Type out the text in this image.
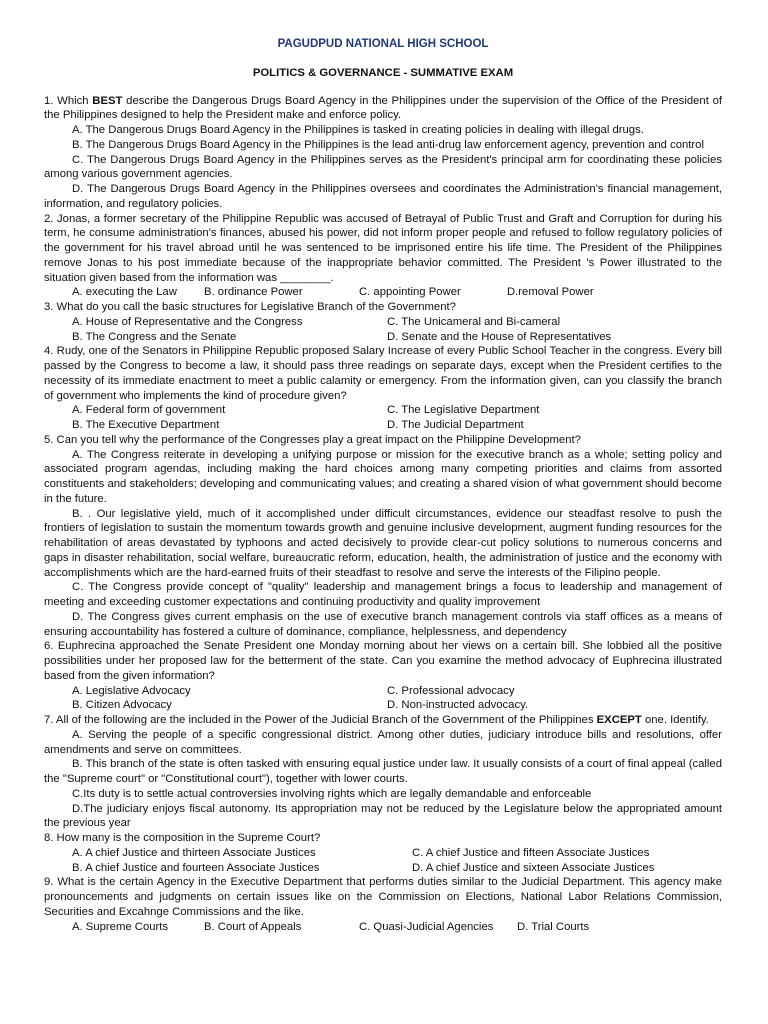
PAGUDPUD NATIONAL HIGH SCHOOL

POLITICS & GOVERNANCE - SUMMATIVE EXAM

1. Which BEST describe the Dangerous Drugs Board Agency in the Philippines under the supervision of the Office of the President of the Philippines designed to help the President make and enforce policy.

A. The Dangerous Drugs Board Agency in the Philippines is tasked in creating policies in dealing with illegal drugs.

B. The Dangerous Drugs Board Agency in the Philippines is the lead anti-drug law enforcement agency, prevention and control

C. The Dangerous Drugs Board Agency in the Philippines serves as the President's principal arm for coordinating these policies among various government agencies.

D. The Dangerous Drugs Board Agency in the Philippines oversees and coordinates the Administration's financial management, information, and regulatory policies.

2. Jonas, a former secretary of the Philippine Republic was accused of Betrayal of Public Trust and Graft and Corruption for during his term, he consume administration's finances, abused his power, did not inform proper people and refused to follow regulatory policies of the government for his travel abroad until he was sentenced to be imprisoned entire his life time. The President of the Philippines remove Jonas to his post immediate because of the inappropriate behavior committed. The President 's Power illustrated to the situation given based from the information was ________.

A. executing the Law	B. ordinance Power	C. appointing Power	D.removal Power

3. What do you call the basic structures for Legislative Branch of the Government?

A. House of Representative and the Congress	C. The Unicameral and Bi-cameral
B. The Congress and the Senate	D. Senate and the House of Representatives

4. Rudy, one of the Senators in Philippine Republic proposed Salary Increase of every Public School Teacher in the congress. Every bill passed by the Congress to become a law, it should pass three readings on separate days, except when the President certifies to the necessity of its immediate enactment to meet a public calamity or emergency. From the information given, can you classify the branch of government who implements the kind of procedure given?

A. Federal form of government	C. The Legislative Department
B. The Executive Department	D. The Judicial Department

5. Can you tell why the performance of the Congresses play a great impact on the Philippine Development?

A. The Congress reiterate in developing a unifying purpose or mission for the executive branch as a whole; setting policy and associated program agendas, including making the hard choices among many competing priorities and claims from assorted constituents and stakeholders; developing and communicating values; and creating a shared vision of what government should become in the future.

B. . Our legislative yield, much of it accomplished under difficult circumstances, evidence our steadfast resolve to push the frontiers of legislation to sustain the momentum towards growth and genuine inclusive development, augment funding resources for the rehabilitation of areas devastated by typhoons and acted decisively to provide clear-cut policy solutions to numerous concerns and gaps in disaster rehabilitation, social welfare, bureaucratic reform, education, health, the administration of justice and the economy with accomplishments which are the hard-earned fruits of their steadfast to resolve and serve the interests of the Filipino people.

C. The Congress provide concept of "quality" leadership and management brings a focus to leadership and management of meeting and exceeding customer expectations and continuing productivity and quality improvement

D. The Congress gives current emphasis on the use of executive branch management controls via staff offices as a means of ensuring accountability has fostered a culture of dominance, compliance, helplessness, and dependency

6. Euphrecina approached the Senate President one Monday morning about her views on a certain bill. She lobbied all the positive possibilities under her proposed law for the betterment of the state. Can you examine the method advocacy of Euphrecina illustrated based from the given information?

A. Legislative Advocacy	C. Professional advocacy
B. Citizen Advocacy	D. Non-instructed advocacy.

7. All of the following are the included in the Power of the Judicial Branch of the Government of the Philippines EXCEPT one. Identify.

A. Serving the people of a specific congressional district. Among other duties, judiciary introduce bills and resolutions, offer amendments and serve on committees.

B. This branch of the state is often tasked with ensuring equal justice under law. It usually consists of a court of final appeal (called the "Supreme court" or "Constitutional court"), together with lower courts.

C.Its duty is to settle actual controversies involving rights which are legally demandable and enforceable

D.The judiciary enjoys fiscal autonomy. Its appropriation may not be reduced by the Legislature below the appropriated amount the previous year

8. How many is the composition in the Supreme Court?

A. A chief Justice and thirteen Associate Justices	C. A chief Justice and fifteen Associate Justices
B. A chief Justice and fourteen Associate Justices	D. A chief Justice and sixteen Associate Justices

9. What is the certain Agency in the Executive Department that performs duties similar to the Judicial Department. This agency make pronouncements and judgments on certain issues like on the Commission on Elections, National Labor Relations Commission, Securities and Excahnge Commissions and the like.

A. Supreme Courts	B. Court of Appeals	C. Quasi-Judicial Agencies	D. Trial Courts
